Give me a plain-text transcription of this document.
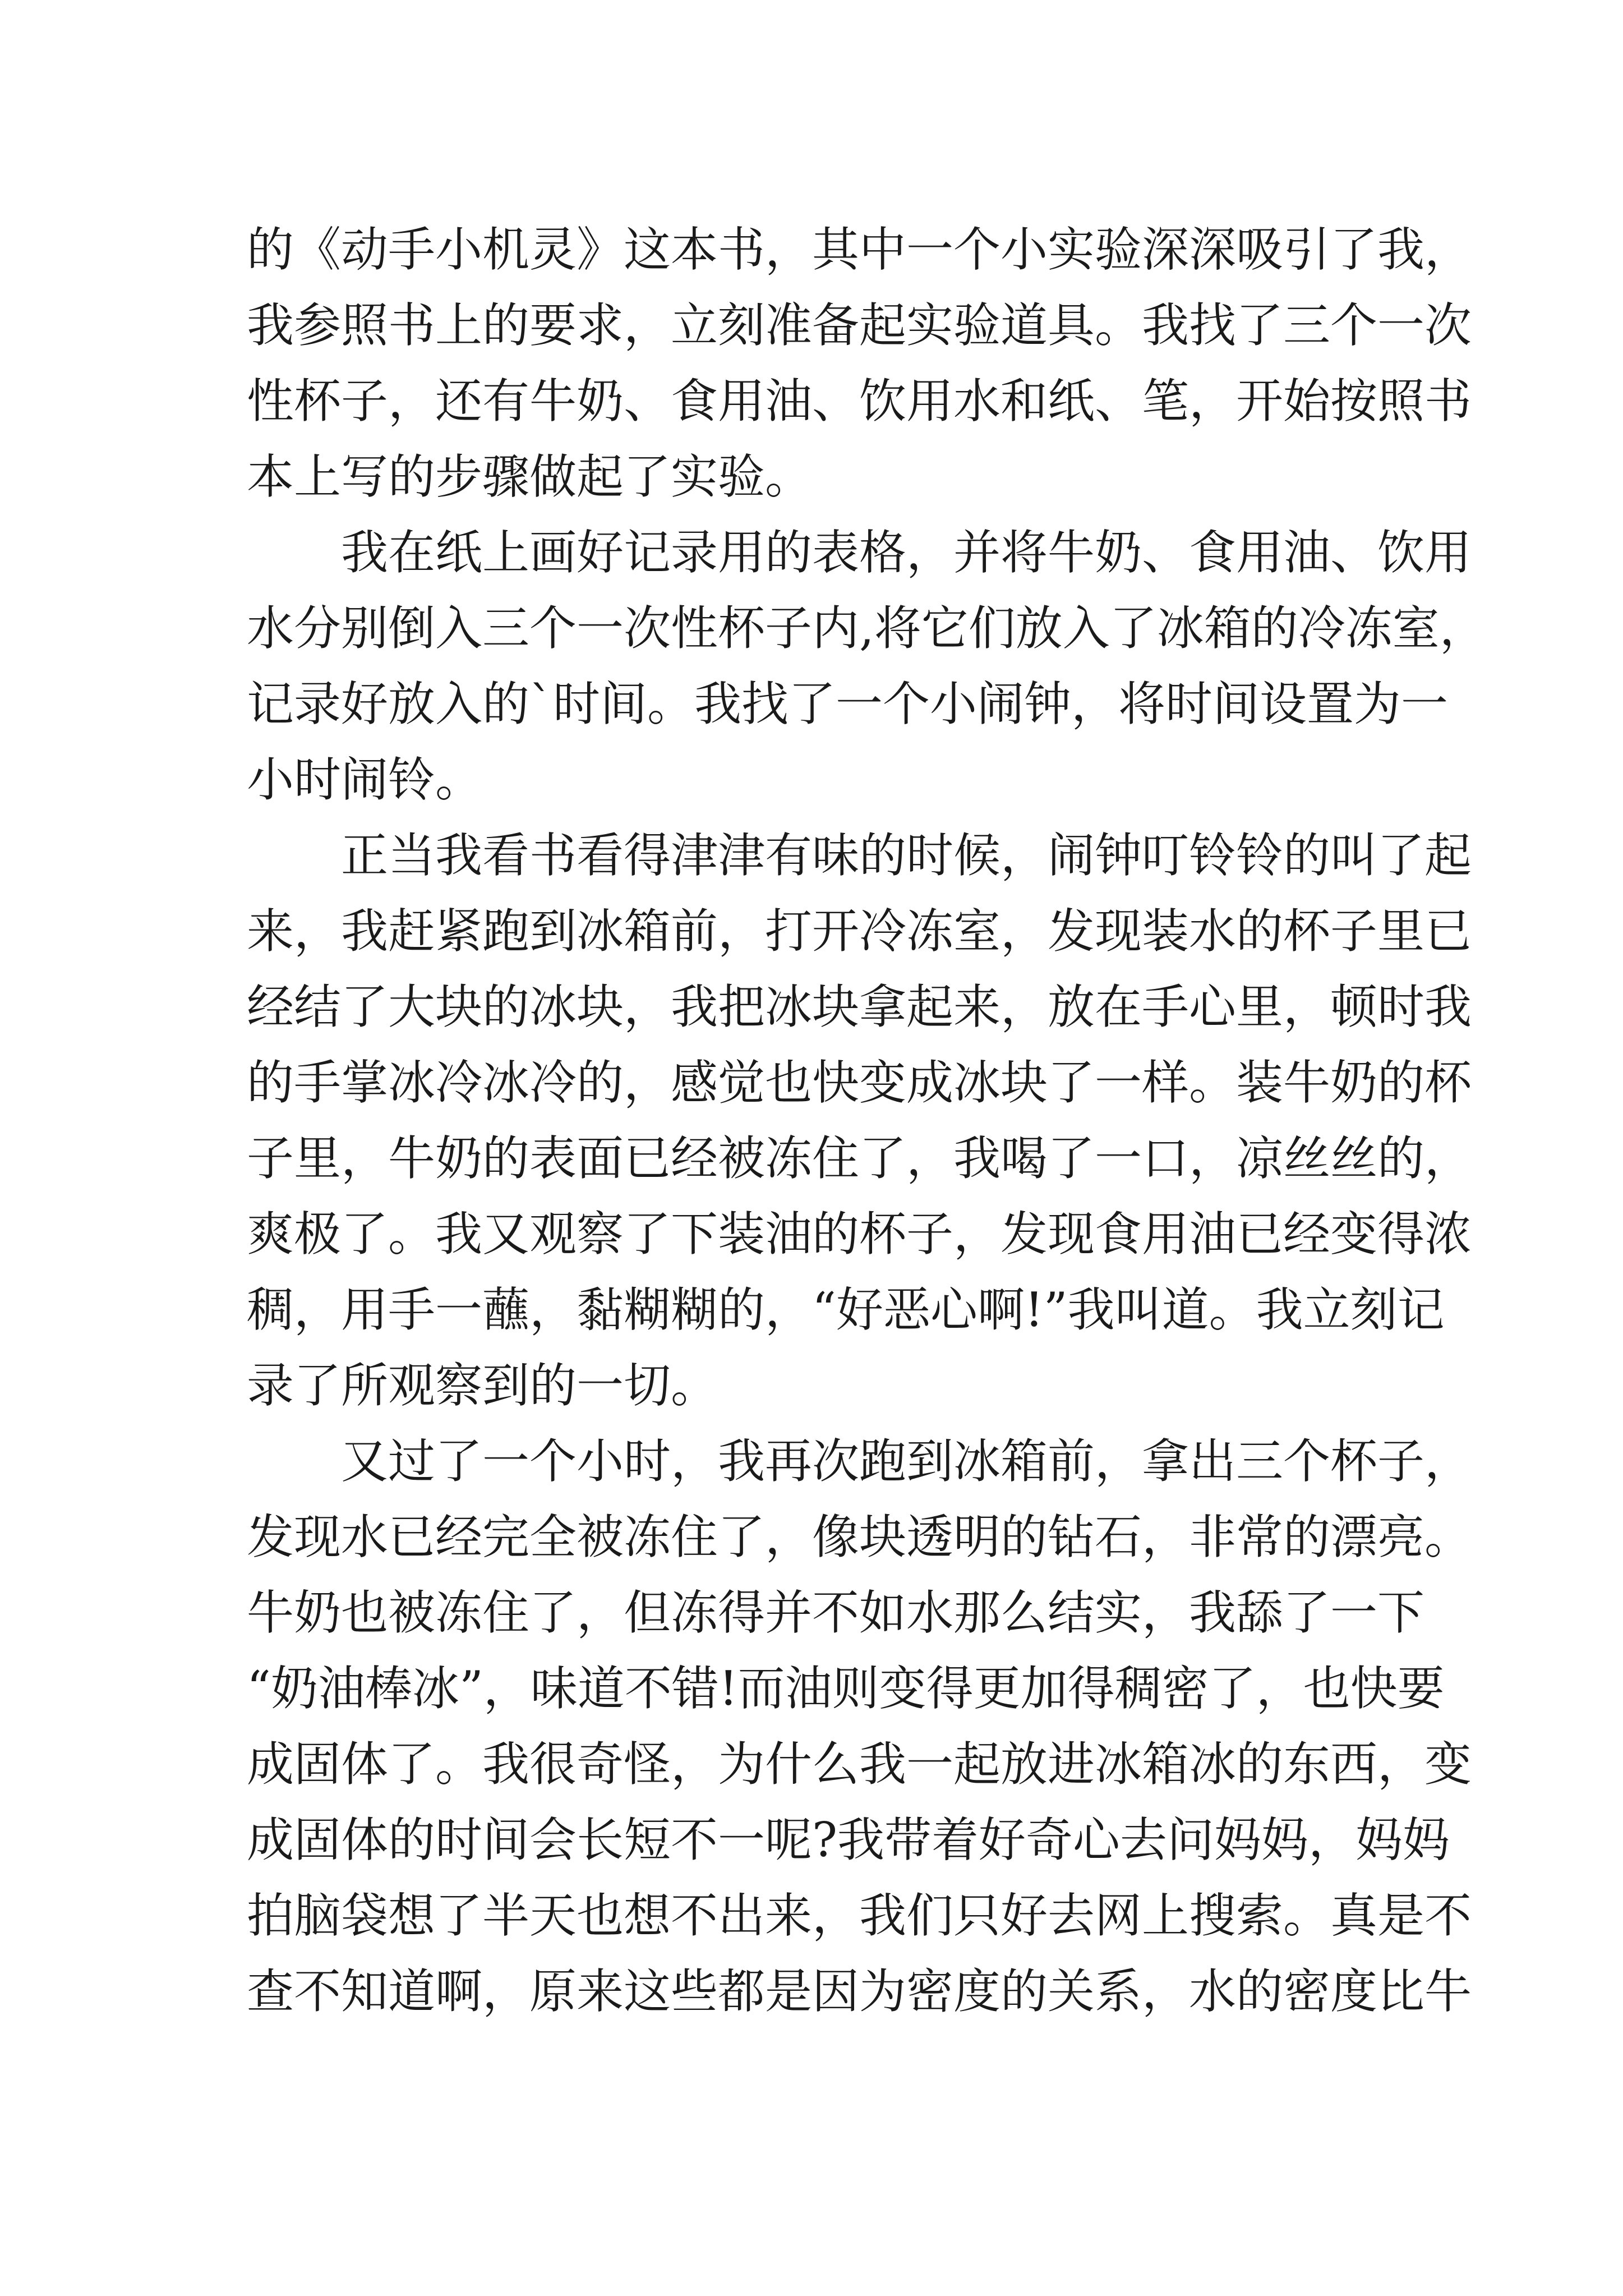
的《动手小机灵》这本书，其中一个小实验深深吸引了我，
我参照书上的要求，立刻准备起实验道具。我找了三个一次
性杯子，还有牛奶、食用油、饮用水和纸、笔，开始按照书
本上写的步骤做起了实验。
我在纸上画好记录用的表格，并将牛奶、食用油、饮用
水分别倒入三个一次性杯子内,将它们放入了冰箱的冷冻室，
记录好放入的`时间。我找了一个小闹钟，将时间设置为一
小时闹铃。
正当我看书看得津津有味的时候，闹钟叮铃铃的叫了起
来，我赶紧跑到冰箱前，打开冷冻室，发现装水的杯子里已
经结了大块的冰块，我把冰块拿起来，放在手心里，顿时我
的手掌冰冷冰冷的，感觉也快变成冰块了一样。装牛奶的杯
子里，牛奶的表面已经被冻住了，我喝了一口，凉丝丝的，
爽极了。我又观察了下装油的杯子，发现食用油已经变得浓
稠，用手一蘸，黏糊糊的，“好恶心啊!”我叫道。我立刻记
录了所观察到的一切。
又过了一个小时，我再次跑到冰箱前，拿出三个杯子，
发现水已经完全被冻住了，像块透明的钻石，非常的漂亮。
牛奶也被冻住了，但冻得并不如水那么结实，我舔了一下
“奶油棒冰”，味道不错!而油则变得更加得稠密了，也快要
成固体了。我很奇怪，为什么我一起放进冰箱冰的东西，变
成固体的时间会长短不一呢?我带着好奇心去问妈妈，妈妈
拍脑袋想了半天也想不出来，我们只好去网上搜索。真是不
查不知道啊，原来这些都是因为密度的关系，水的密度比牛
